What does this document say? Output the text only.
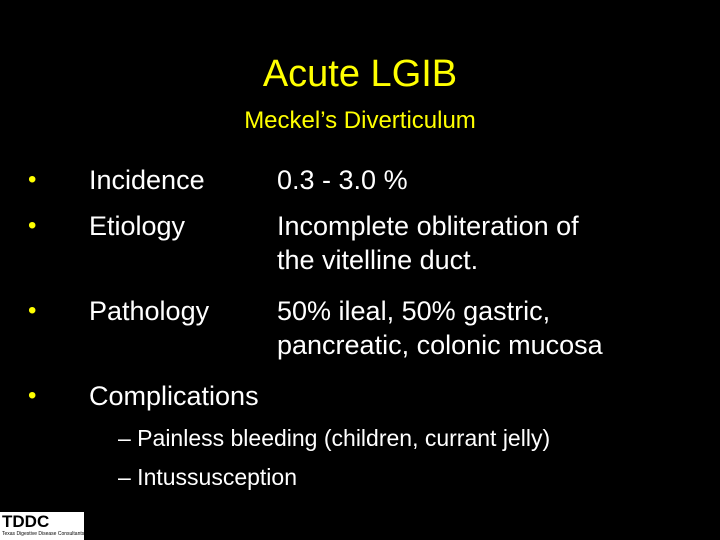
Acute LGIB
Meckel’s Diverticulum
• Incidence	0.3 - 3.0 %
• Etiology	Incomplete obliteration of
the vitelline duct.
• Pathology	50% ileal, 50% gastric,
pancreatic, colonic mucosa
• Complications
– Painless bleeding (children, currant jelly)
– Intussusception
TDDC
Texas Digestive Disease Consultants
